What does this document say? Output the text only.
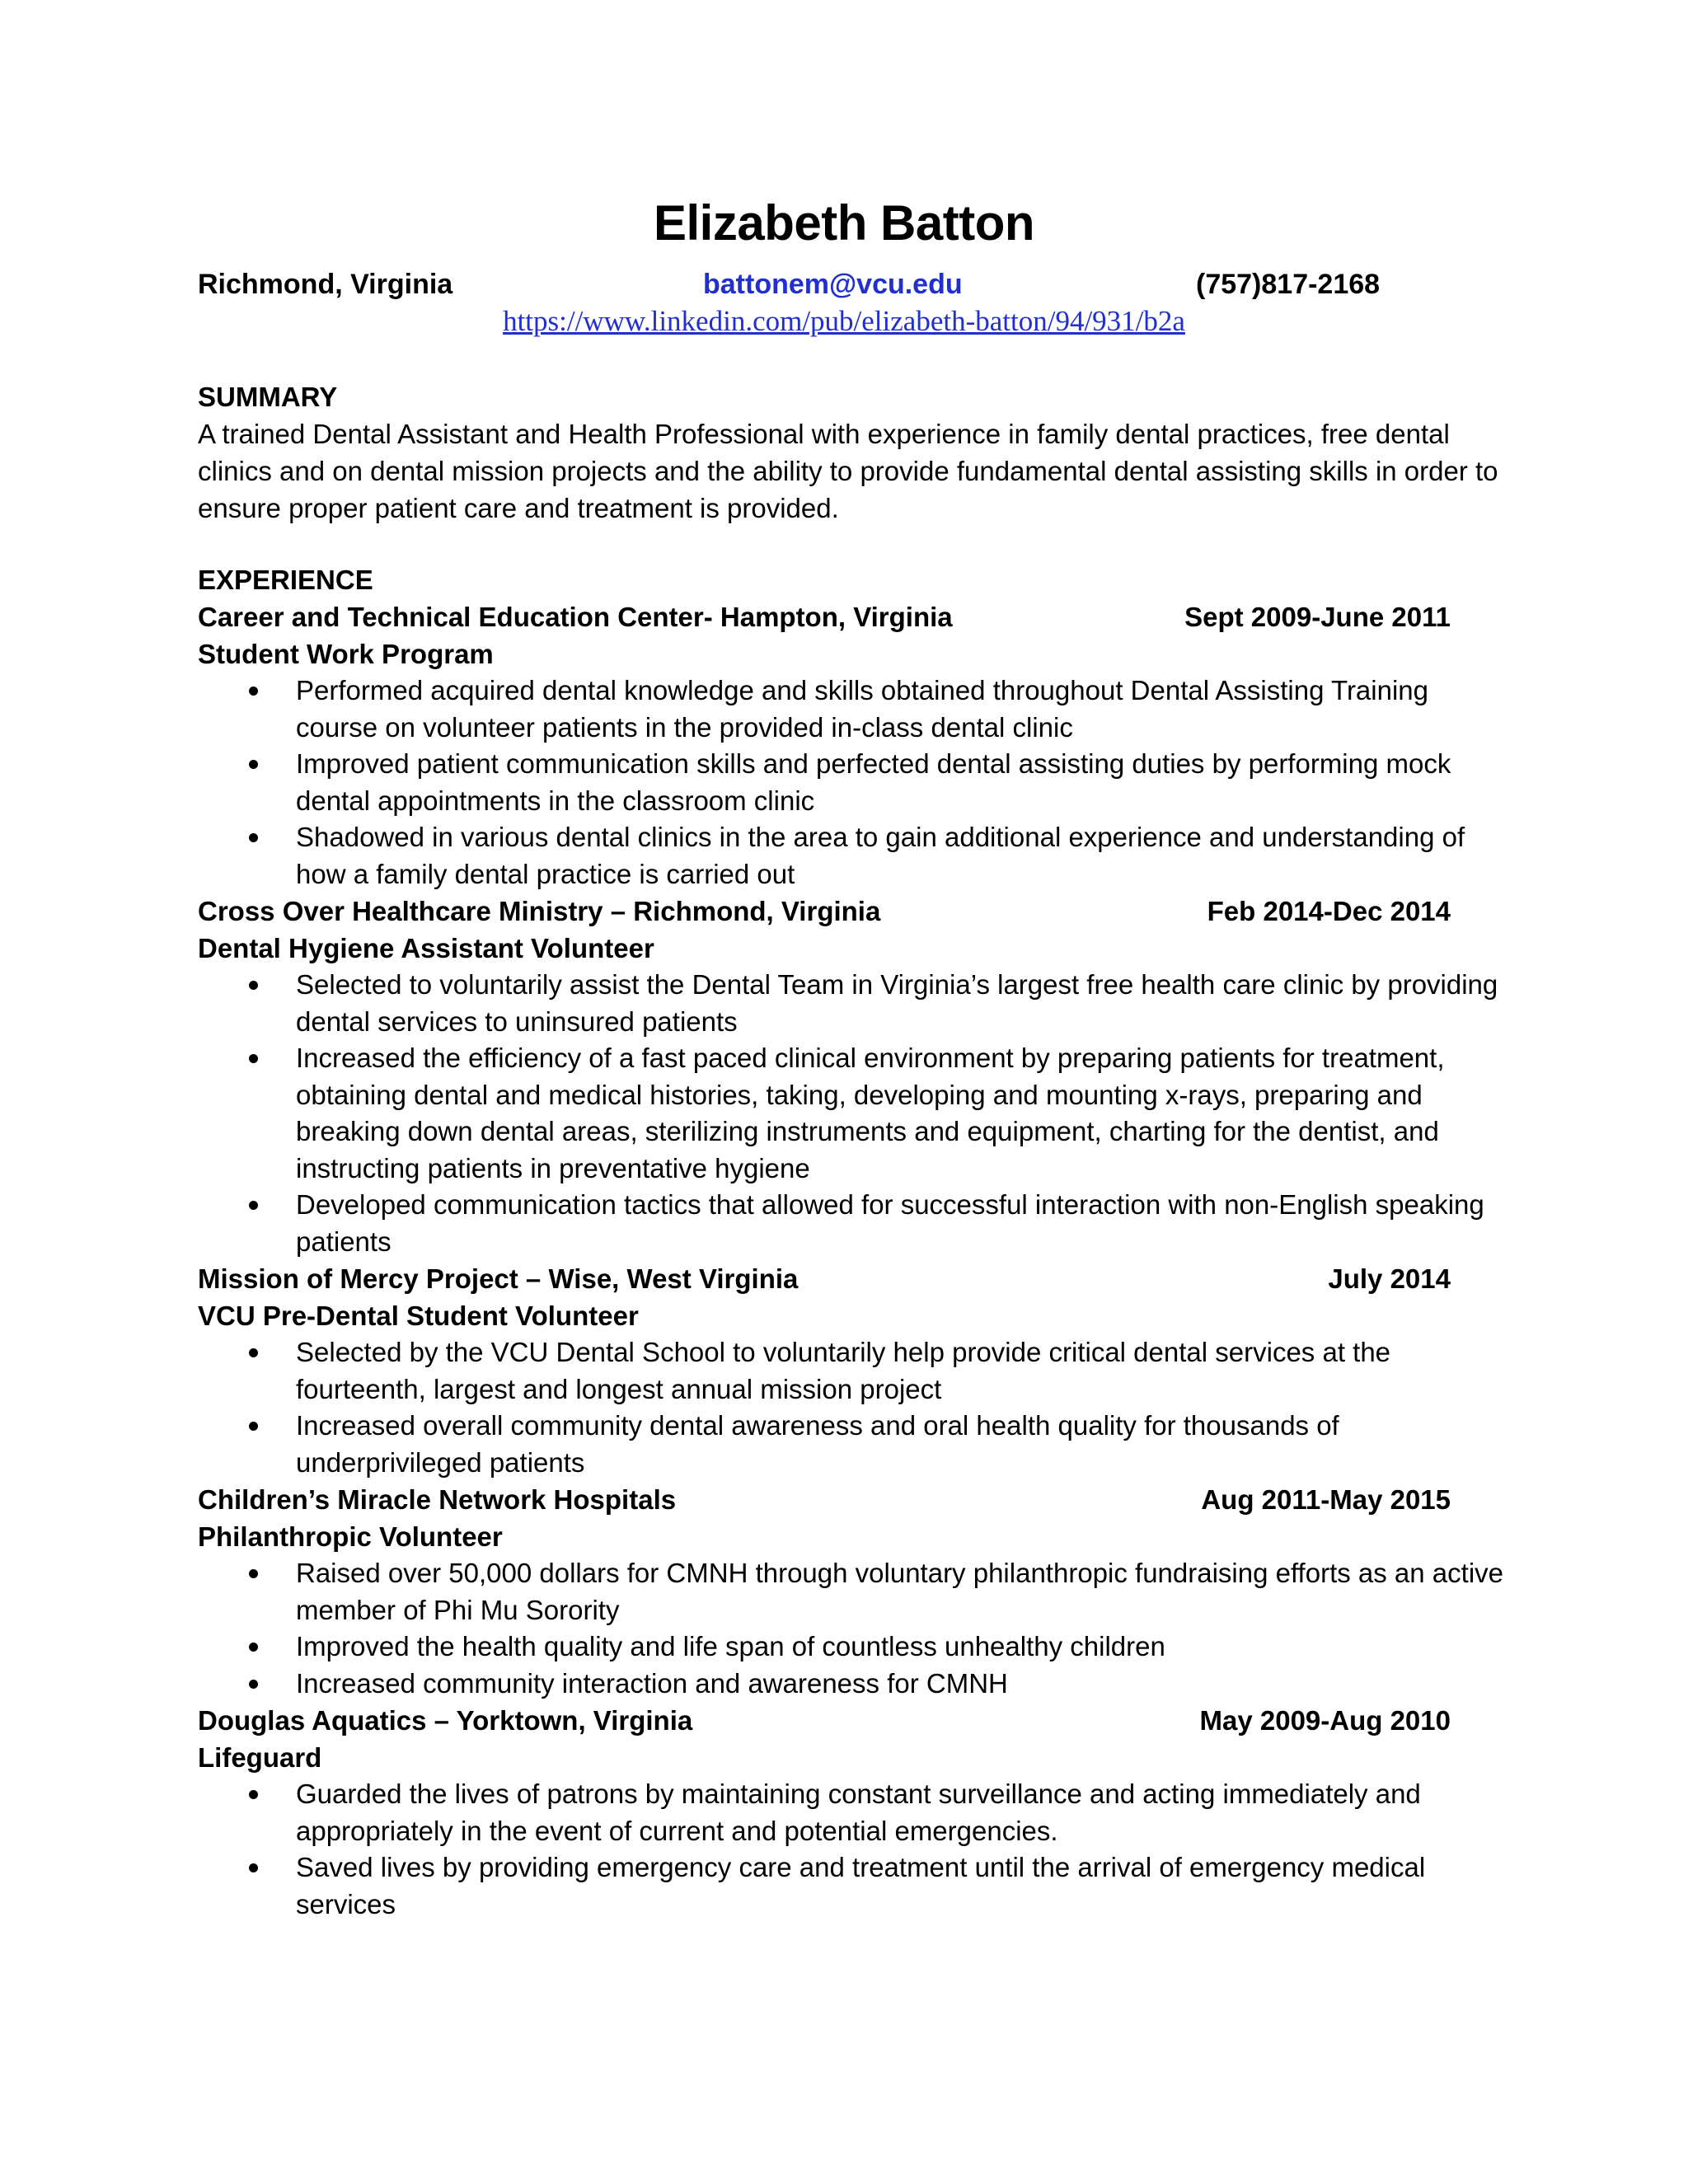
Elizabeth Batton
Richmond, Virginia	battonem@vcu.edu	(757)817-2168
https://www.linkedin.com/pub/elizabeth-batton/94/931/b2a
SUMMARY
A trained Dental Assistant and Health Professional with experience in family dental practices, free dental clinics and on dental mission projects and the ability to provide fundamental dental assisting skills in order to ensure proper patient care and treatment is provided.
EXPERIENCE
Career and Technical Education Center- Hampton, Virginia	Sept 2009-June 2011
Student Work Program
Performed acquired dental knowledge and skills obtained throughout Dental Assisting Training course on volunteer patients in the provided in-class dental clinic
Improved patient communication skills and perfected dental assisting duties by performing mock dental appointments in the classroom clinic
Shadowed in various dental clinics in the area to gain additional experience and understanding of how a family dental practice is carried out
Cross Over Healthcare Ministry – Richmond, Virginia	Feb 2014-Dec 2014
Dental Hygiene Assistant Volunteer
Selected to voluntarily assist the Dental Team in Virginia’s largest free health care clinic by providing dental services to uninsured patients
Increased the efficiency of a fast paced clinical environment by preparing patients for treatment, obtaining dental and medical histories, taking, developing and mounting x-rays, preparing and breaking down dental areas, sterilizing instruments and equipment, charting for the dentist, and instructing patients in preventative hygiene
Developed communication tactics that allowed for successful interaction with non-English speaking patients
Mission of Mercy Project – Wise, West Virginia	July 2014
VCU Pre-Dental Student Volunteer
Selected by the VCU Dental School to voluntarily help provide critical dental services at the fourteenth, largest and longest annual mission project
Increased overall community dental awareness and oral health quality for thousands of underprivileged patients
Children’s Miracle Network Hospitals	Aug 2011-May 2015
Philanthropic Volunteer
Raised over 50,000 dollars for CMNH through voluntary philanthropic fundraising efforts as an active member of Phi Mu Sorority
Improved the health quality and life span of countless unhealthy children
Increased community interaction and awareness for CMNH
Douglas Aquatics – Yorktown, Virginia	May 2009-Aug 2010
Lifeguard
Guarded the lives of patrons by maintaining constant surveillance and acting immediately and appropriately in the event of current and potential emergencies.
Saved lives by providing emergency care and treatment until the arrival of emergency medical services
